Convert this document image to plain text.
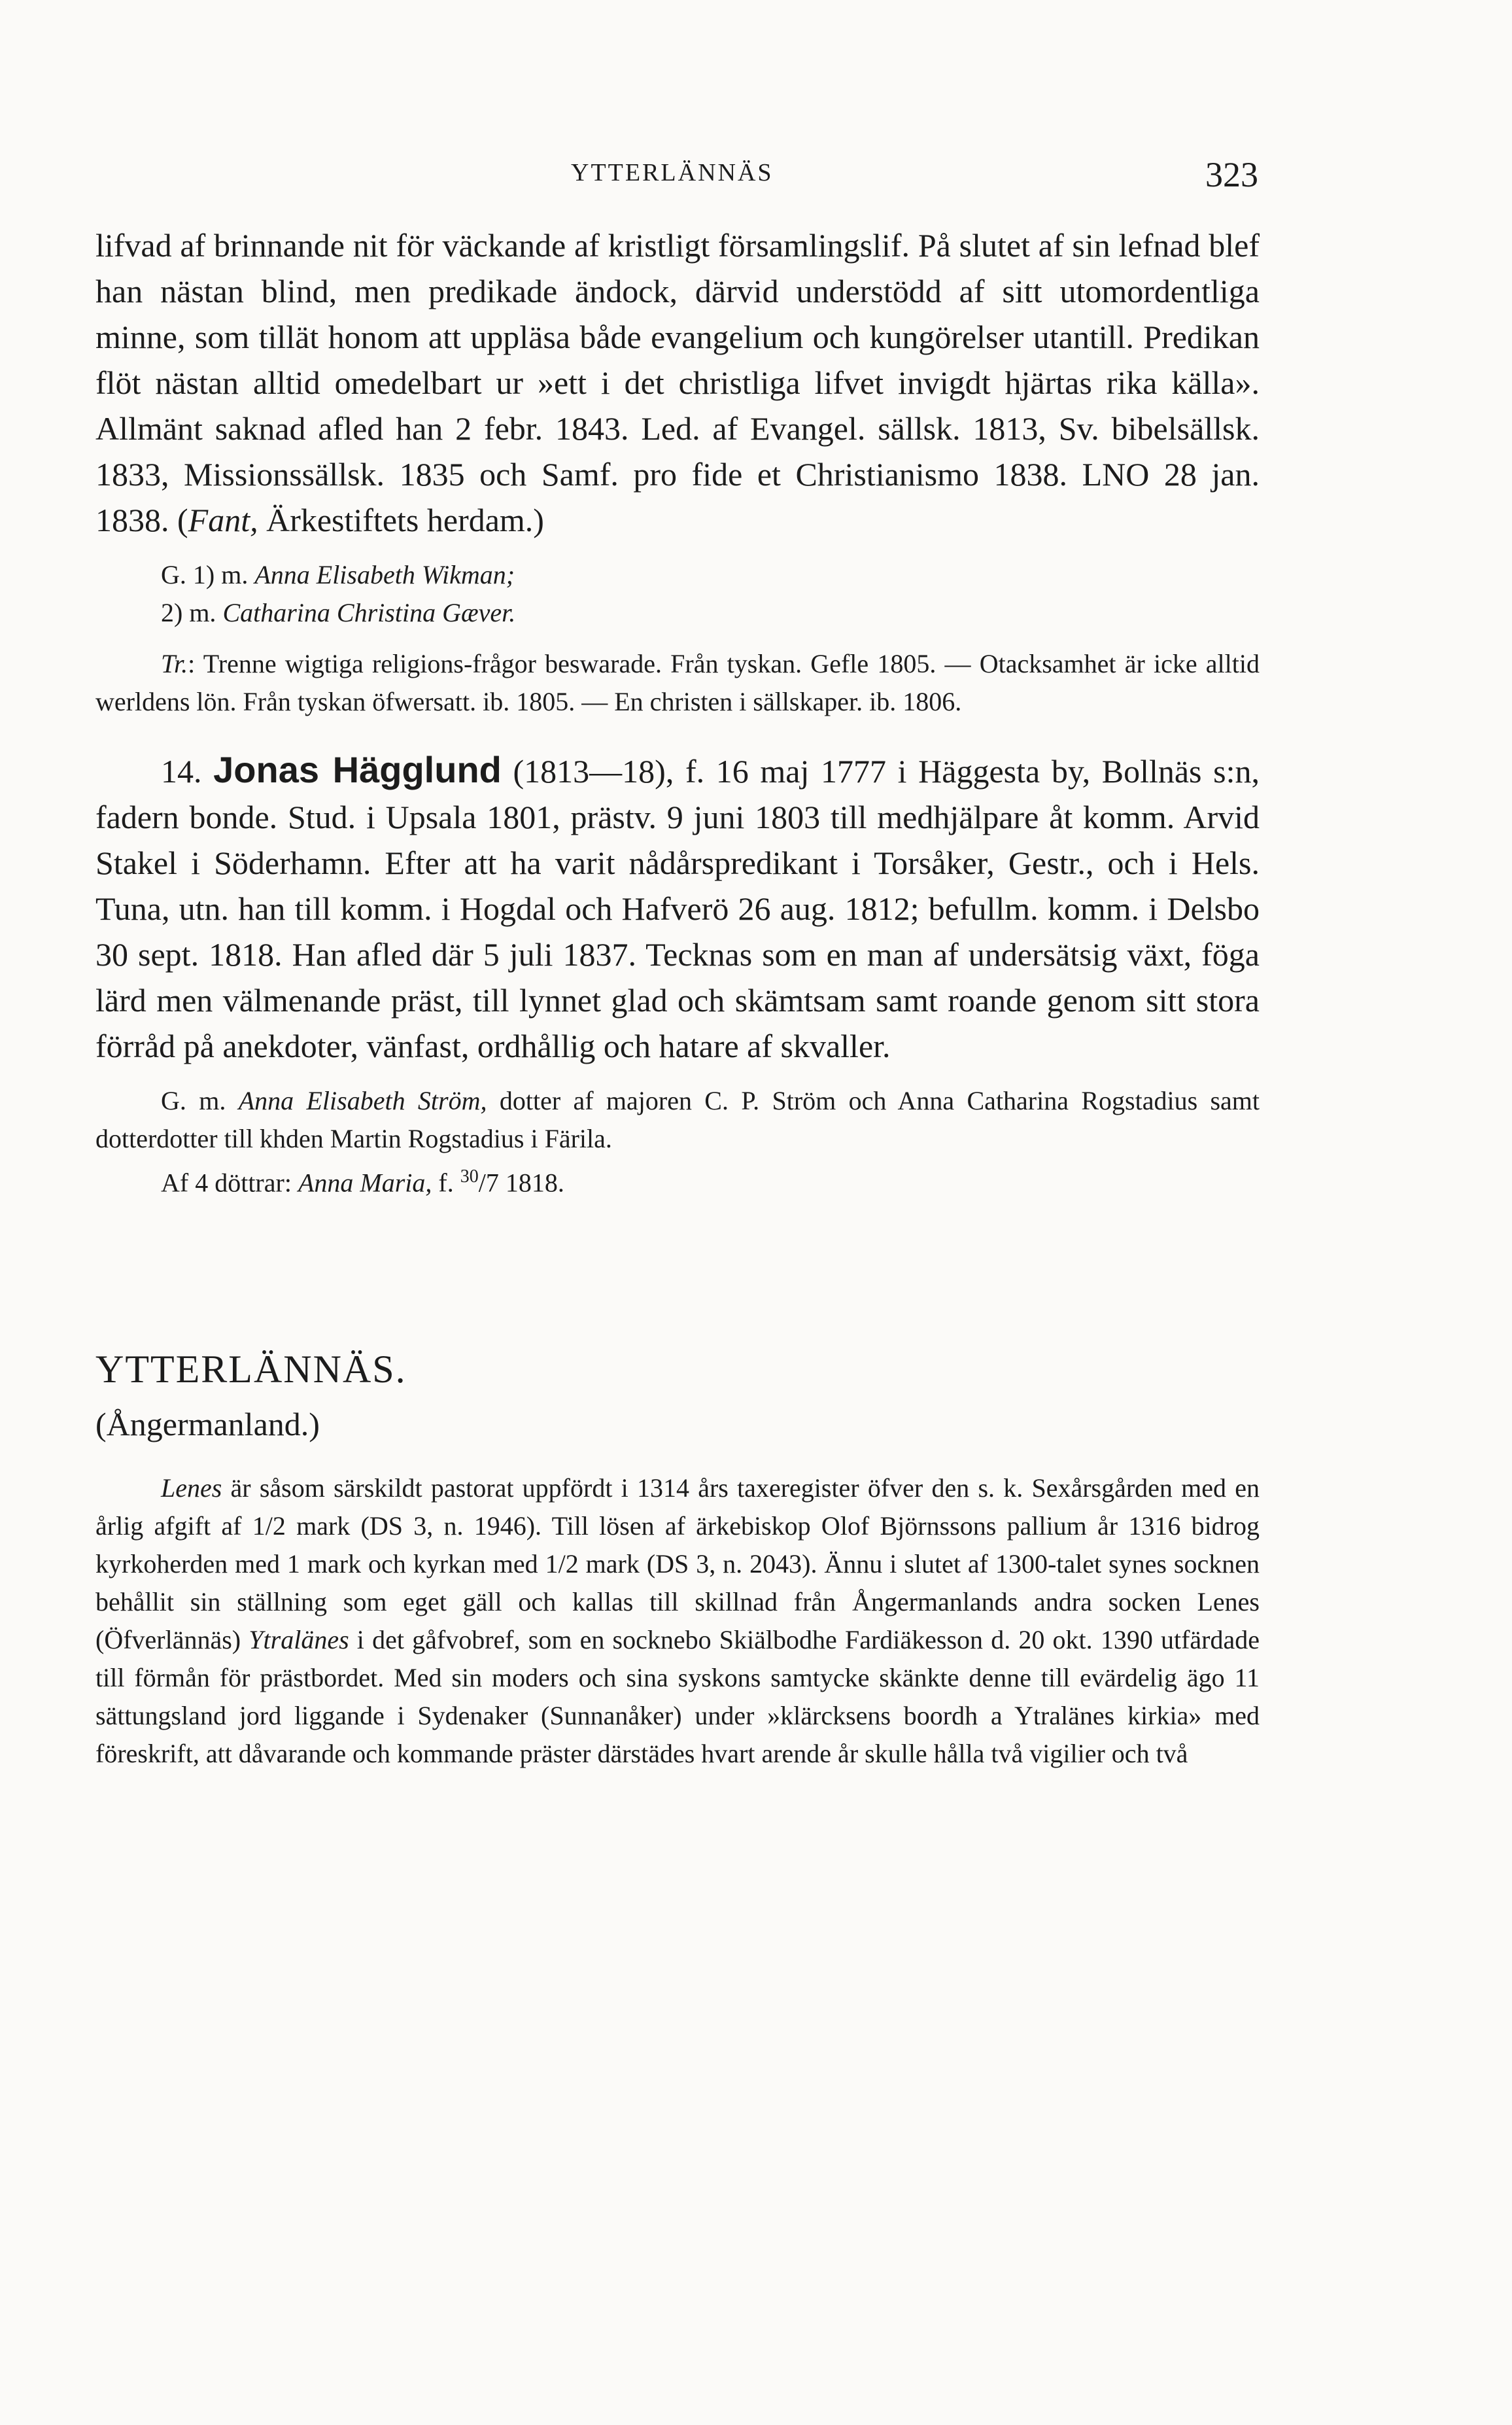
YTTERLÄNNÄS	323

lifvad af brinnande nit för väckande af kristligt församlingslif. På slutet af sin lefnad blef han nästan blind, men predikade ändock, därvid understödd af sitt utomordentliga minne, som tillät honom att uppläsa både evangelium och kungörelser utantill. Predikan flöt nästan alltid omedelbart ur »ett i det christliga lifvet invigdt hjärtas rika källa». Allmänt saknad afled han 2 febr. 1843. Led. af Evangel. sällsk. 1813, Sv. bibelsällsk. 1833, Missionssällsk. 1835 och Samf. pro fide et Christianismo 1838. LNO 28 jan. 1838. (Fant, Ärkestiftets herdam.)

G. 1) m. Anna Elisabeth Wikman;

2) m. Catharina Christina Gæver.

Tr.: Trenne wigtiga religions-frågor beswarade. Från tyskan. Gefle 1805. — Otacksamhet är icke alltid werldens lön. Från tyskan öfwersatt. ib. 1805. — En christen i sällskaper. ib. 1806.

14. Jonas Hägglund (1813—18), f. 16 maj 1777 i Häggesta by, Bollnäs s:n, fadern bonde. Stud. i Upsala 1801, prästv. 9 juni 1803 till medhjälpare åt komm. Arvid Stakel i Söderhamn. Efter att ha varit nådårspredikant i Torsåker, Gestr., och i Hels. Tuna, utn. han till komm. i Hogdal och Hafverö 26 aug. 1812; befullm. komm. i Delsbo 30 sept. 1818. Han afled där 5 juli 1837. Tecknas som en man af undersätsig växt, föga lärd men välmenande präst, till lynnet glad och skämtsam samt roande genom sitt stora förråd på anekdoter, vänfast, ordhållig och hatare af skvaller.

G. m. Anna Elisabeth Ström, dotter af majoren C. P. Ström och Anna Catharina Rogstadius samt dotterdotter till khden Martin Rogstadius i Färila.

Af 4 döttrar: Anna Maria, f. $^{30}$/7 1818.

YTTERLÄNNÄS.

(Ångermanland.)

Lenes är såsom särskildt pastorat uppfördt i 1314 års taxeregister öfver den s. k. Sexårsgården med en årlig afgift af 1/2 mark (DS 3, n. 1946). Till lösen af ärkebiskop Olof Björnssons pallium år 1316 bidrog kyrkoherden med 1 mark och kyrkan med 1/2 mark (DS 3, n. 2043). Ännu i slutet af 1300-talet synes socknen behållit sin ställning som eget gäll och kallas till skillnad från Ångermanlands andra socken Lenes (Öfverlännäs) Ytralänes i det gåfvobref, som en socknebo Skiälbodhe Fardiäkesson d. 20 okt. 1390 utfärdade till förmån för prästbordet. Med sin moders och sina syskons samtycke skänkte denne till evärdelig ägo 11 sättungsland jord liggande i Sydenaker (Sunnanåker) under »klärcksens boordh a Ytralänes kirkia» med föreskrift, att dåvarande och kommande präster därstädes hvart arende år skulle hålla två vigilier och två
